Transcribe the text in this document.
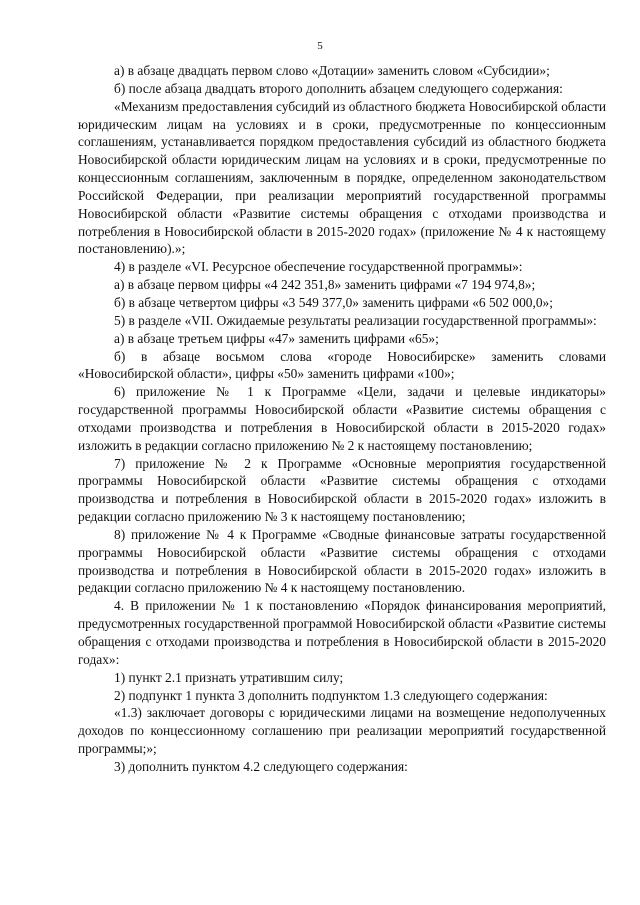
5

а) в абзаце двадцать первом слово «Дотации» заменить словом «Субсидии»;

б) после абзаца двадцать второго дополнить абзацем следующего содержания:

«Механизм предоставления субсидий из областного бюджета Новосибирской области юридическим лицам на условиях и в сроки, предусмотренные по концессионным соглашениям, устанавливается порядком предоставления субсидий из областного бюджета Новосибирской области юридическим лицам на условиях и в сроки, предусмотренные по концессионным соглашениям, заключенным в порядке, определенном законодательством Российской Федерации, при реализации мероприятий государственной программы Новосибирской области «Развитие системы обращения с отходами производства и потребления в Новосибирской области в 2015-2020 годах» (приложение № 4 к настоящему постановлению).»;

4) в разделе «VI. Ресурсное обеспечение государственной программы»:

а) в абзаце первом цифры «4 242 351,8» заменить цифрами «7 194 974,8»;

б) в абзаце четвертом цифры «3 549 377,0» заменить цифрами «6 502 000,0»;

5) в разделе «VII. Ожидаемые результаты реализации государственной программы»:

а) в абзаце третьем цифры «47» заменить цифрами «65»;

б) в абзаце восьмом слова «городе Новосибирске» заменить словами «Новосибирской области», цифры «50» заменить цифрами «100»;

6) приложение № 1 к Программе «Цели, задачи и целевые индикаторы» государственной программы Новосибирской области «Развитие системы обращения с отходами производства и потребления в Новосибирской области в 2015-2020 годах» изложить в редакции согласно приложению № 2 к настоящему постановлению;

7) приложение № 2 к Программе «Основные мероприятия государственной программы Новосибирской области «Развитие системы обращения с отходами производства и потребления в Новосибирской области в 2015-2020 годах» изложить в редакции согласно приложению № 3 к настоящему постановлению;

8) приложение № 4 к Программе «Сводные финансовые затраты государственной программы Новосибирской области «Развитие системы обращения с отходами производства и потребления в Новосибирской области в 2015-2020 годах» изложить в редакции согласно приложению № 4 к настоящему постановлению.

4. В приложении № 1 к постановлению «Порядок финансирования мероприятий, предусмотренных государственной программой Новосибирской области «Развитие системы обращения с отходами производства и потребления в Новосибирской области в 2015-2020 годах»:

1) пункт 2.1 признать утратившим силу;

2) подпункт 1 пункта 3 дополнить подпунктом 1.3 следующего содержания:

«1.3) заключает договоры с юридическими лицами на возмещение недополученных доходов по концессионному соглашению при реализации мероприятий государственной программы;»;

3) дополнить пунктом 4.2 следующего содержания:
